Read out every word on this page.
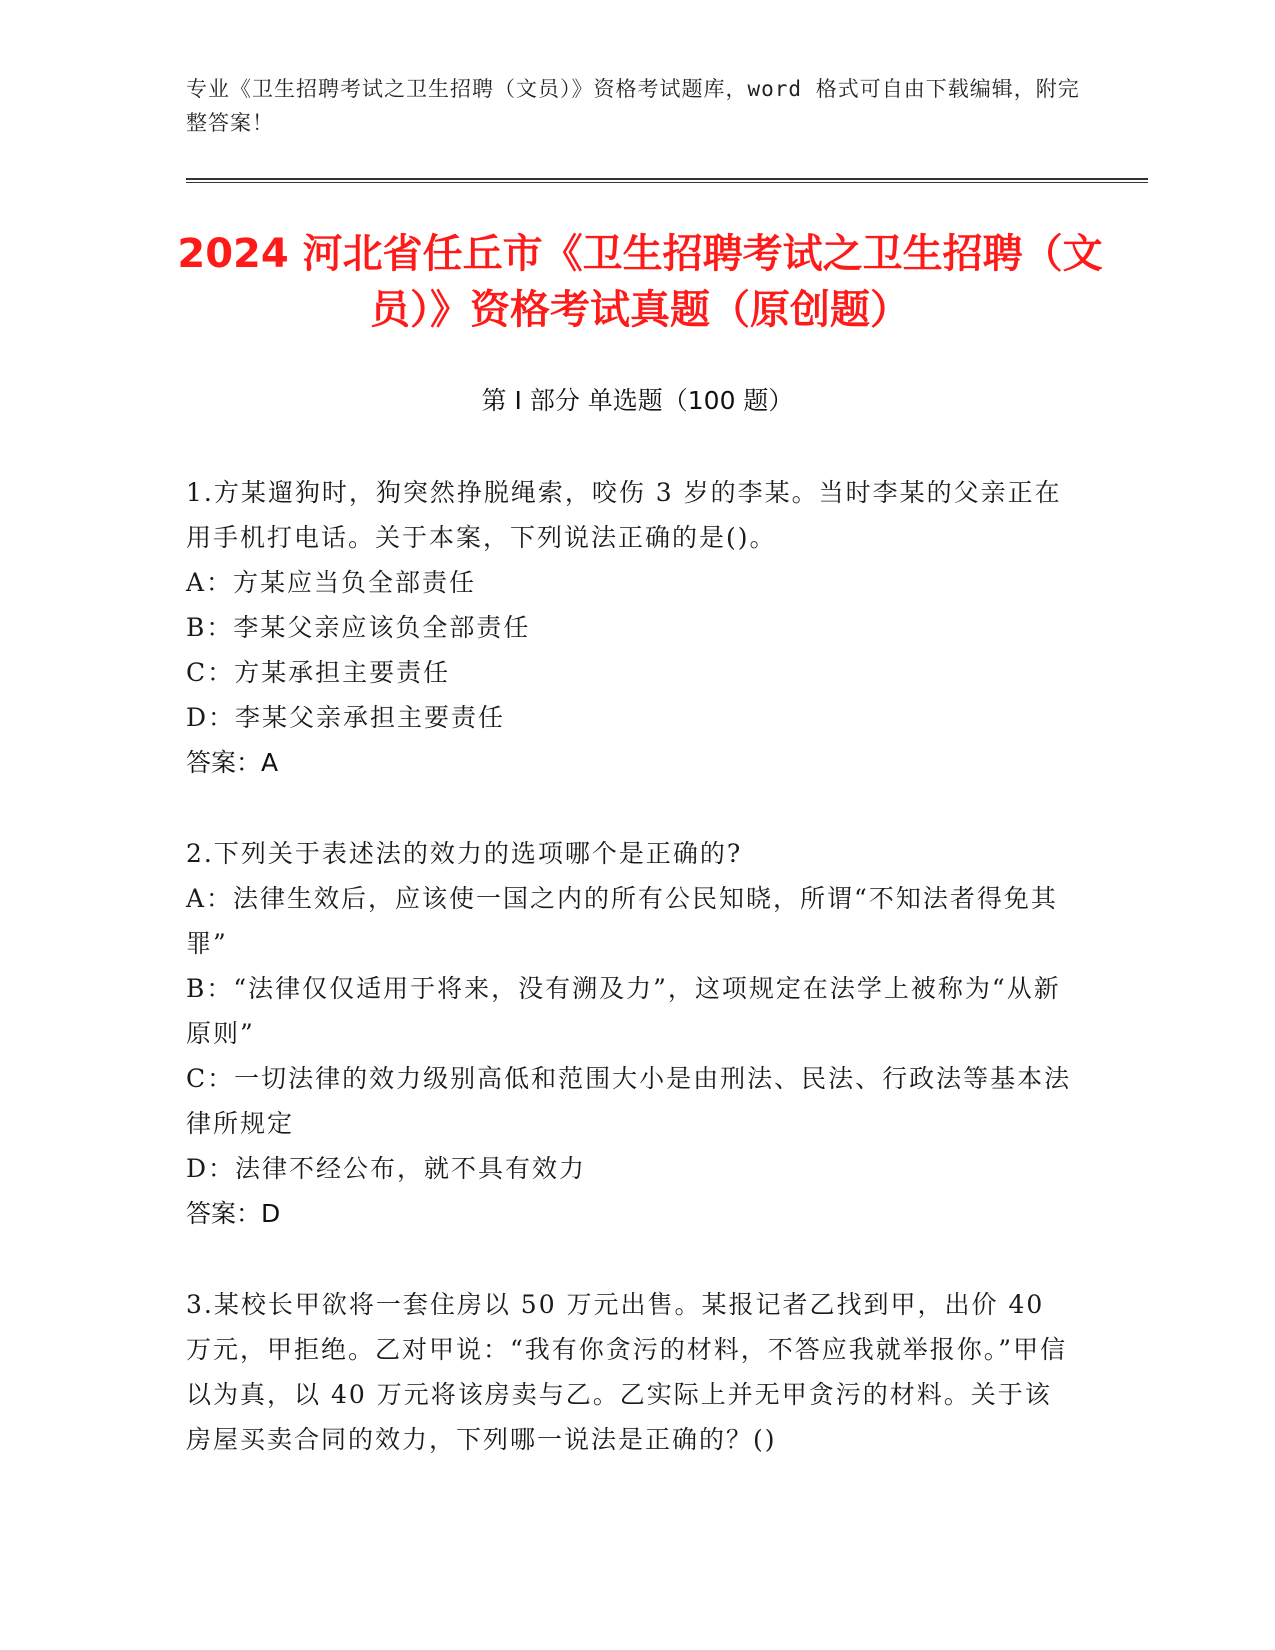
专业《卫生招聘考试之卫生招聘（文员）》资格考试题库，word 格式可自由下载编辑，附完整答案！
2024 河北省任丘市《卫生招聘考试之卫生招聘（文员）》资格考试真题（原创题）
第 I 部分 单选题（100 题）
1.方某遛狗时，狗突然挣脱绳索，咬伤 3 岁的李某。当时李某的父亲正在用手机打电话。关于本案，下列说法正确的是()。
A：方某应当负全部责任
B：李某父亲应该负全部责任
C：方某承担主要责任
D：李某父亲承担主要责任
答案：A
2.下列关于表述法的效力的选项哪个是正确的?
A：法律生效后，应该使一国之内的所有公民知晓，所谓“不知法者得免其罪”
B：“法律仅仅适用于将来，没有溯及力”，这项规定在法学上被称为“从新原则”
C：一切法律的效力级别高低和范围大小是由刑法、民法、行政法等基本法律所规定
D：法律不经公布，就不具有效力
答案：D
3.某校长甲欲将一套住房以 50 万元出售。某报记者乙找到甲，出价 40 万元，甲拒绝。乙对甲说：“我有你贪污的材料，不答应我就举报你。”甲信以为真，以 40 万元将该房卖与乙。乙实际上并无甲贪污的材料。关于该房屋买卖合同的效力，下列哪一说法是正确的？()
